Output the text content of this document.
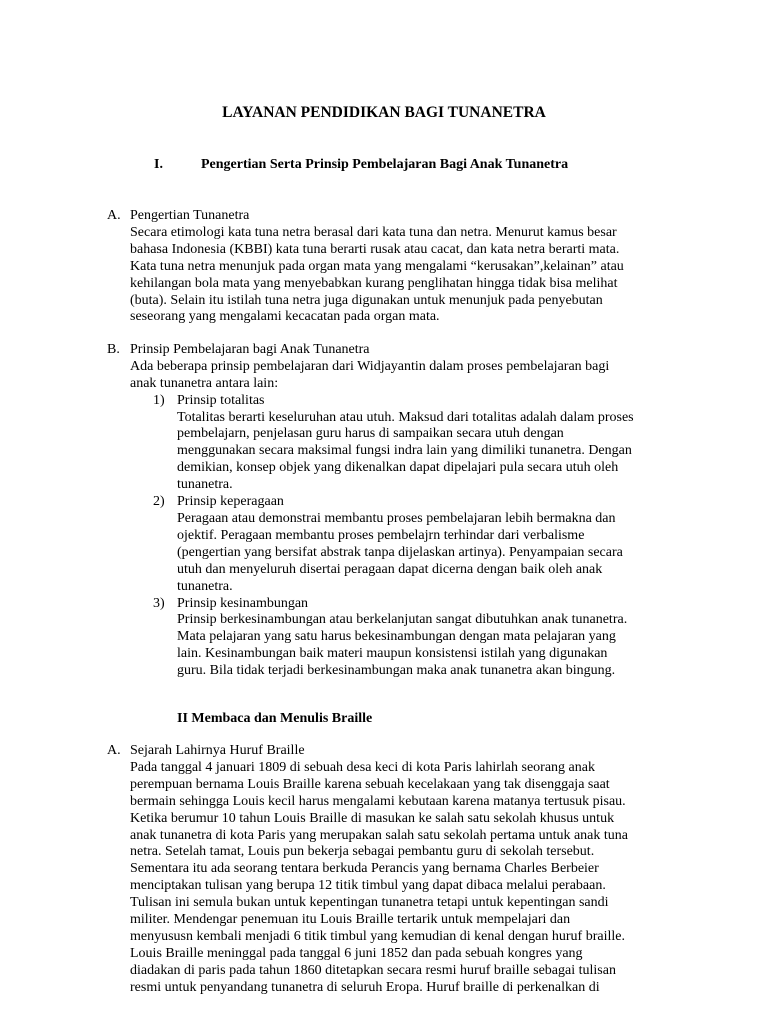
LAYANAN PENDIDIKAN BAGI TUNANETRA
I.	Pengertian Serta Prinsip Pembelajaran Bagi Anak Tunanetra
A. Pengertian Tunanetra
Secara etimologi kata tuna netra berasal dari kata tuna dan netra. Menurut kamus besar
bahasa Indonesia (KBBI) kata tuna berarti rusak atau cacat, dan kata netra berarti mata.
Kata tuna netra menunjuk pada organ mata yang mengalami “kerusakan”,kelainan” atau
kehilangan bola mata yang menyebabkan kurang penglihatan hingga tidak bisa melihat
(buta). Selain itu istilah tuna netra juga digunakan untuk menunjuk pada penyebutan
seseorang yang mengalami kecacatan pada organ mata.
B. Prinsip Pembelajaran bagi Anak Tunanetra
Ada beberapa prinsip pembelajaran dari Widjayantin dalam proses pembelajaran bagi
anak tunanetra antara lain:
1) Prinsip totalitas
Totalitas berarti keseluruhan atau utuh. Maksud dari totalitas adalah dalam proses
pembelajarn, penjelasan guru harus di sampaikan secara utuh dengan
menggunakan secara maksimal fungsi indra lain yang dimiliki tunanetra. Dengan
demikian, konsep objek yang dikenalkan dapat dipelajari pula secara utuh oleh
tunanetra.
2) Prinsip keperagaan
Peragaan atau demonstrai membantu proses pembelajaran lebih bermakna dan
ojektif. Peragaan membantu proses pembelajrn terhindar dari verbalisme
(pengertian yang bersifat abstrak tanpa dijelaskan artinya). Penyampaian secara
utuh dan menyeluruh disertai peragaan dapat dicerna dengan baik oleh anak
tunanetra.
3) Prinsip kesinambungan
Prinsip berkesinambungan atau berkelanjutan sangat dibutuhkan anak tunanetra.
Mata pelajaran yang satu harus bekesinambungan dengan mata pelajaran yang
lain. Kesinambungan baik materi maupun konsistensi istilah yang digunakan
guru. Bila tidak terjadi berkesinambungan maka anak tunanetra akan bingung.
II Membaca dan Menulis Braille
A. Sejarah Lahirnya Huruf Braille
Pada tanggal 4 januari 1809 di sebuah desa keci di kota Paris lahirlah seorang anak
perempuan bernama Louis Braille karena sebuah kecelakaan yang tak disenggaja saat
bermain sehingga Louis kecil harus mengalami kebutaan karena matanya tertusuk pisau.
Ketika berumur 10 tahun Louis Braille di masukan ke salah satu sekolah khusus untuk
anak tunanetra di kota Paris yang merupakan salah satu sekolah pertama untuk anak tuna
netra. Setelah tamat, Louis pun bekerja sebagai pembantu guru di sekolah tersebut.
Sementara itu ada seorang tentara berkuda Perancis yang bernama Charles Berbeier
menciptakan tulisan yang berupa 12 titik timbul yang dapat dibaca melalui perabaan.
Tulisan ini semula bukan untuk kepentingan tunanetra tetapi untuk kepentingan sandi
militer. Mendengar penemuan itu Louis Braille tertarik untuk mempelajari dan
menyususn kembali menjadi 6 titik timbul yang kemudian di kenal dengan huruf braille.
Louis Braille meninggal pada tanggal 6 juni 1852 dan pada sebuah kongres yang
diadakan di paris pada tahun 1860 ditetapkan secara resmi huruf braille sebagai tulisan
resmi untuk penyandang tunanetra di seluruh Eropa. Huruf braille di perkenalkan di
